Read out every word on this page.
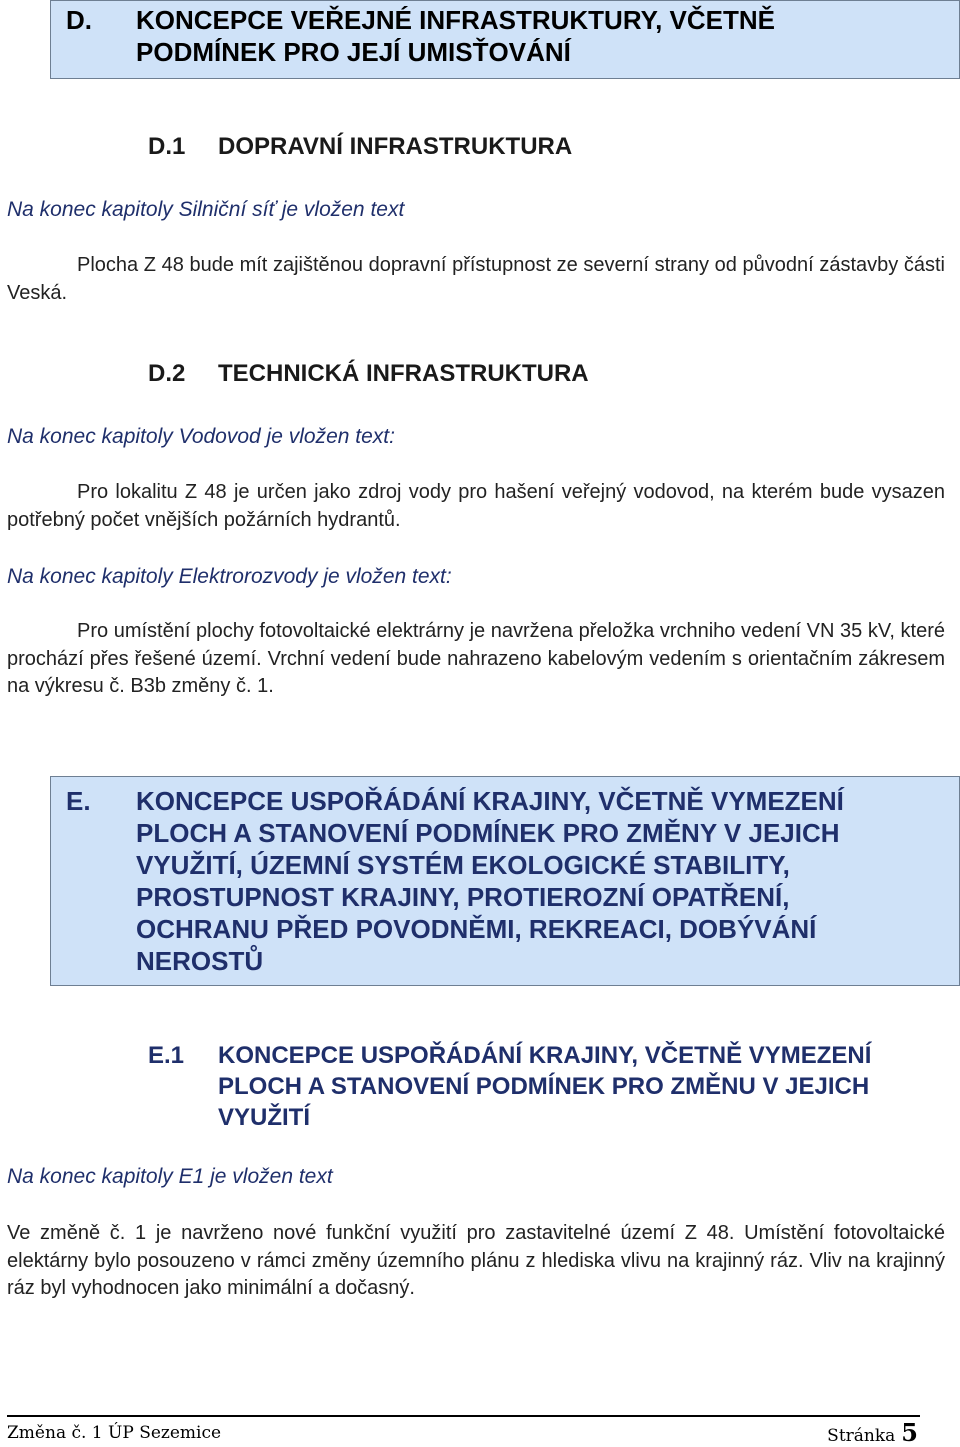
D. KONCEPCE VEŘEJNÉ INFRASTRUKTURY, VČETNĚ
PODMÍNEK PRO JEJÍ UMISŤOVÁNÍ
D.1 DOPRAVNÍ INFRASTRUKTURA
Na konec kapitoly Silniční síť je vložen text
Plocha Z 48 bude mít zajištěnou dopravní přístupnost ze severní strany od původní zástavby části Veská.
D.2 TECHNICKÁ INFRASTRUKTURA
Na konec kapitoly Vodovod je vložen text:
Pro lokalitu Z 48 je určen jako zdroj vody pro hašení veřejný vodovod, na kterém bude vysazen potřebný počet vnějších požárních hydrantů.
Na konec kapitoly Elektrorozvody je vložen text:
Pro umístění plochy fotovoltaické elektrárny je navržena přeložka vrchniho vedení VN 35 kV, které prochází přes řešené území. Vrchní vedení bude nahrazeno kabelovým vedením s orientačním zákresem na výkresu č. B3b změny č. 1.
E. KONCEPCE USPOŘÁDÁNÍ KRAJINY, VČETNĚ VYMEZENÍ
PLOCH A STANOVENÍ PODMÍNEK PRO ZMĚNY V JEJICH
VYUŽITÍ, ÚZEMNÍ SYSTÉM EKOLOGICKÉ STABILITY,
PROSTUPNOST KRAJINY, PROTIEROZNÍ OPATŘENÍ,
OCHRANU PŘED POVODNĚMI, REKREACI, DOBÝVÁNÍ
NEROSTŮ
E.1 KONCEPCE USPOŘÁDÁNÍ KRAJINY, VČETNĚ VYMEZENÍ
PLOCH A STANOVENÍ PODMÍNEK PRO ZMĚNU V JEJICH
VYUŽITÍ
Na konec kapitoly E1 je vložen text
Ve změně č. 1 je navrženo nové funkční využití pro zastavitelné území Z 48. Umístění fotovoltaické elektárny bylo posouzeno v rámci změny územního plánu z hlediska vlivu na krajinný ráz. Vliv na krajinný ráz byl vyhodnocen jako minimální a dočasný.
Změna č. 1 ÚP Sezemice	Stránka 5
